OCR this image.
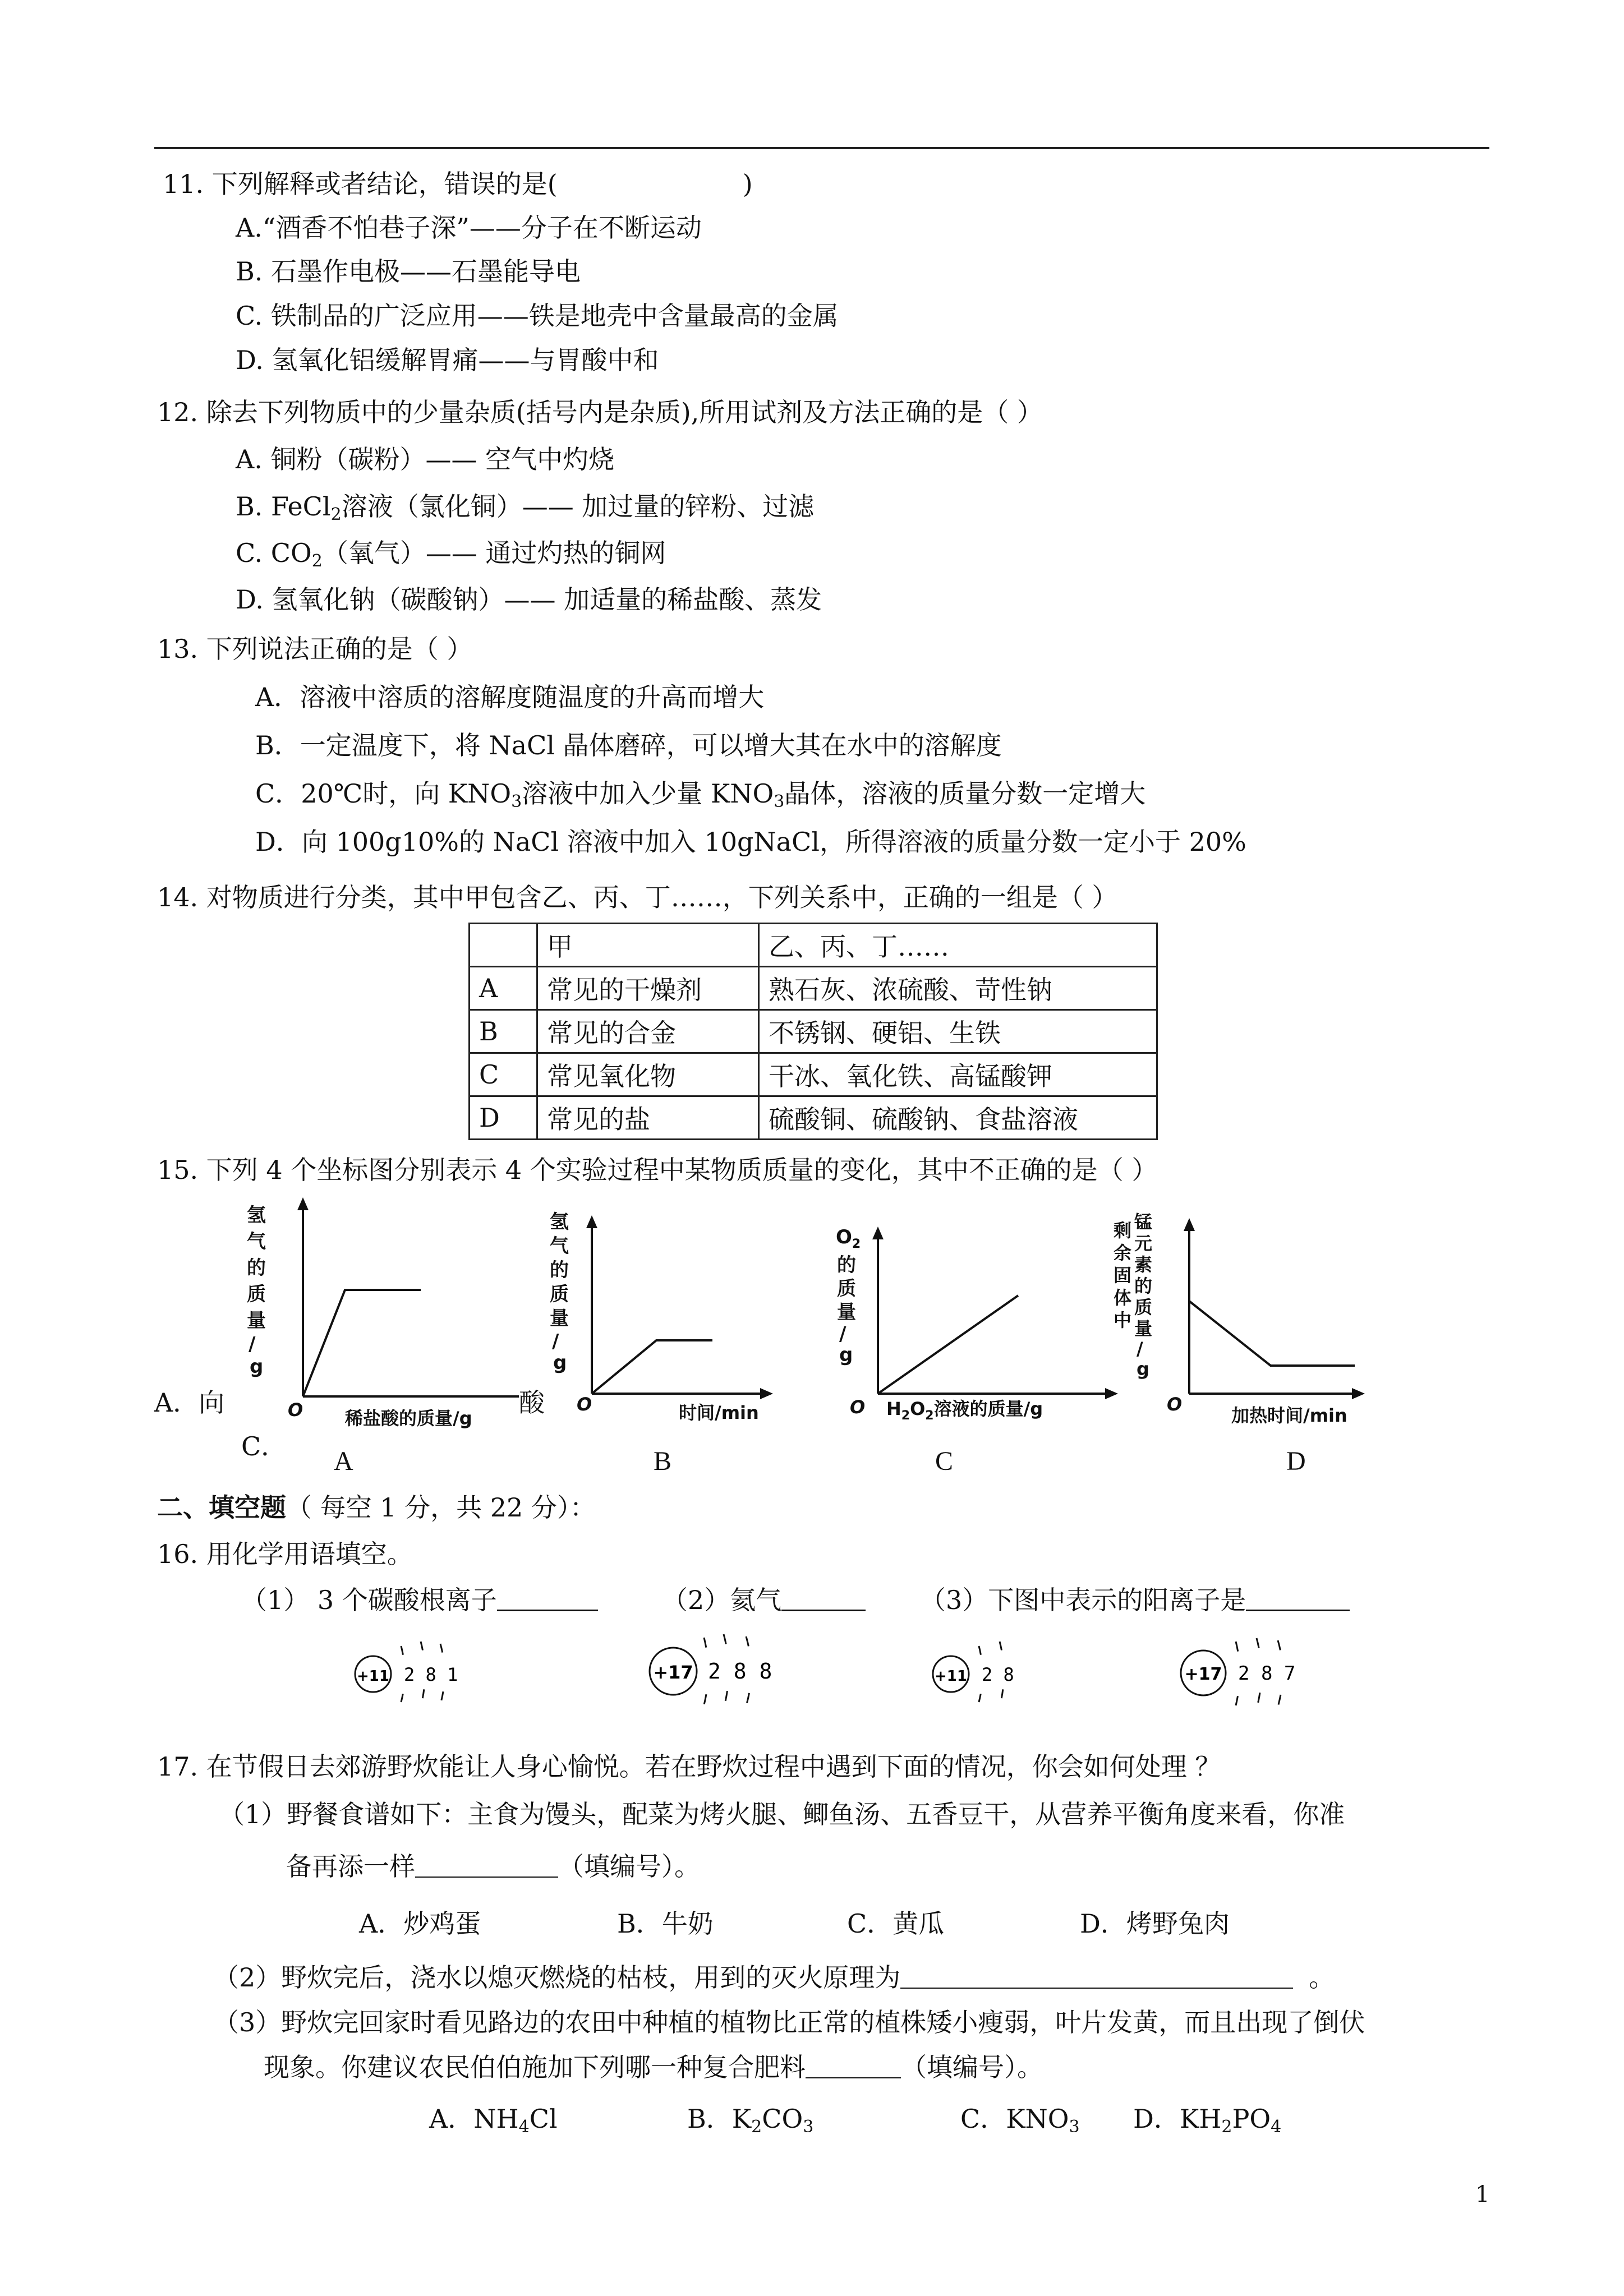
11. 下列解释或者结论，错误的是(	)
A.“酒香不怕巷子深”——分子在不断运动
B. 石墨作电极——石墨能导电
C. 铁制品的广泛应用——铁是地壳中含量最高的金属
D. 氢氧化铝缓解胃痛——与胃酸中和
12. 除去下列物质中的少量杂质(括号内是杂质),所用试剂及方法正确的是（ ）
A. 铜粉（碳粉）—— 空气中灼烧
B. FeCl$_2$溶液（氯化铜）—— 加过量的锌粉、过滤
C. $CO_2$（氧气）—— 通过灼热的铜网
D. 氢氧化钠（碳酸钠）—— 加适量的稀盐酸、蒸发
13. 下列说法正确的是（ ）
A．溶液中溶质的溶解度随温度的升高而增大
B．一定温度下，将 NaCl 晶体磨碎，可以增大其在水中的溶解度
C．20℃时，向 $KNO_3$溶液中加入少量 $KNO_3$晶体，溶液的质量分数一定增大
D．向 100g10%的 NaCl 溶液中加入 10gNaCl，所得溶液的质量分数一定小于 20%
14. 对物质进行分类，其中甲包含乙、丙、丁……，下列关系中，正确的一组是（ ）
	甲	乙、丙、丁……
A	常见的干燥剂	熟石灰、浓硫酸、苛性钠
B	常见的合金	不锈钢、硬铝、生铁
C	常见氧化物	干冰、氧化铁、高锰酸钾
D	常见的盐	硫酸铜、硫酸钠、食盐溶液
15. 下列 4 个坐标图分别表示 4 个实验过程中某物质质量的变化，其中不正确的是（ ）
氢
气
的
质
量
/
g
O 稀盐酸的质量/g
氢
气
的
质
量
/
g
O	时间/min
$O_2$
的
质
量
/
g
O $H_2O_2$溶液的质量/g
剩
余
固
体
中
锰
元
素
的
质
量
/
g
O
加热时间/min
A．向	酸
C． A	B	C	D
二、填空题（ 每空 1 分，共 22 分）：
16. 用化学用语填空。
（1） 3 个碳酸根离子	（2）氦气	（3）下图中表示的阳离子是
+11 2 8 1	+17 2 8 8	+11 2 8	+17 2 8 7
17. 在节假日去郊游野炊能让人身心愉悦。若在野炊过程中遇到下面的情况，你会如何处理 ？
（1）野餐食谱如下：主食为馒头，配菜为烤火腿、鲫鱼汤、五香豆干，从营养平衡角度来看，你准
备再添一样	（填编号）。
A．炒鸡蛋	B．牛奶	C．黄瓜	D．烤野兔肉
（2）野炊完后，浇水以熄灭燃烧的枯枝，用到的灭火原理为	。
（3）野炊完回家时看见路边的农田中种植的植物比正常的植株矮小瘦弱，叶片发黄，而且出现了倒伏
现象。你建议农民伯伯施加下列哪一种复合肥料	（填编号）。
A．$NH_4Cl$	B．$K_2CO_3$	C．$KNO_3$ D．$KH_2PO_4$
1
